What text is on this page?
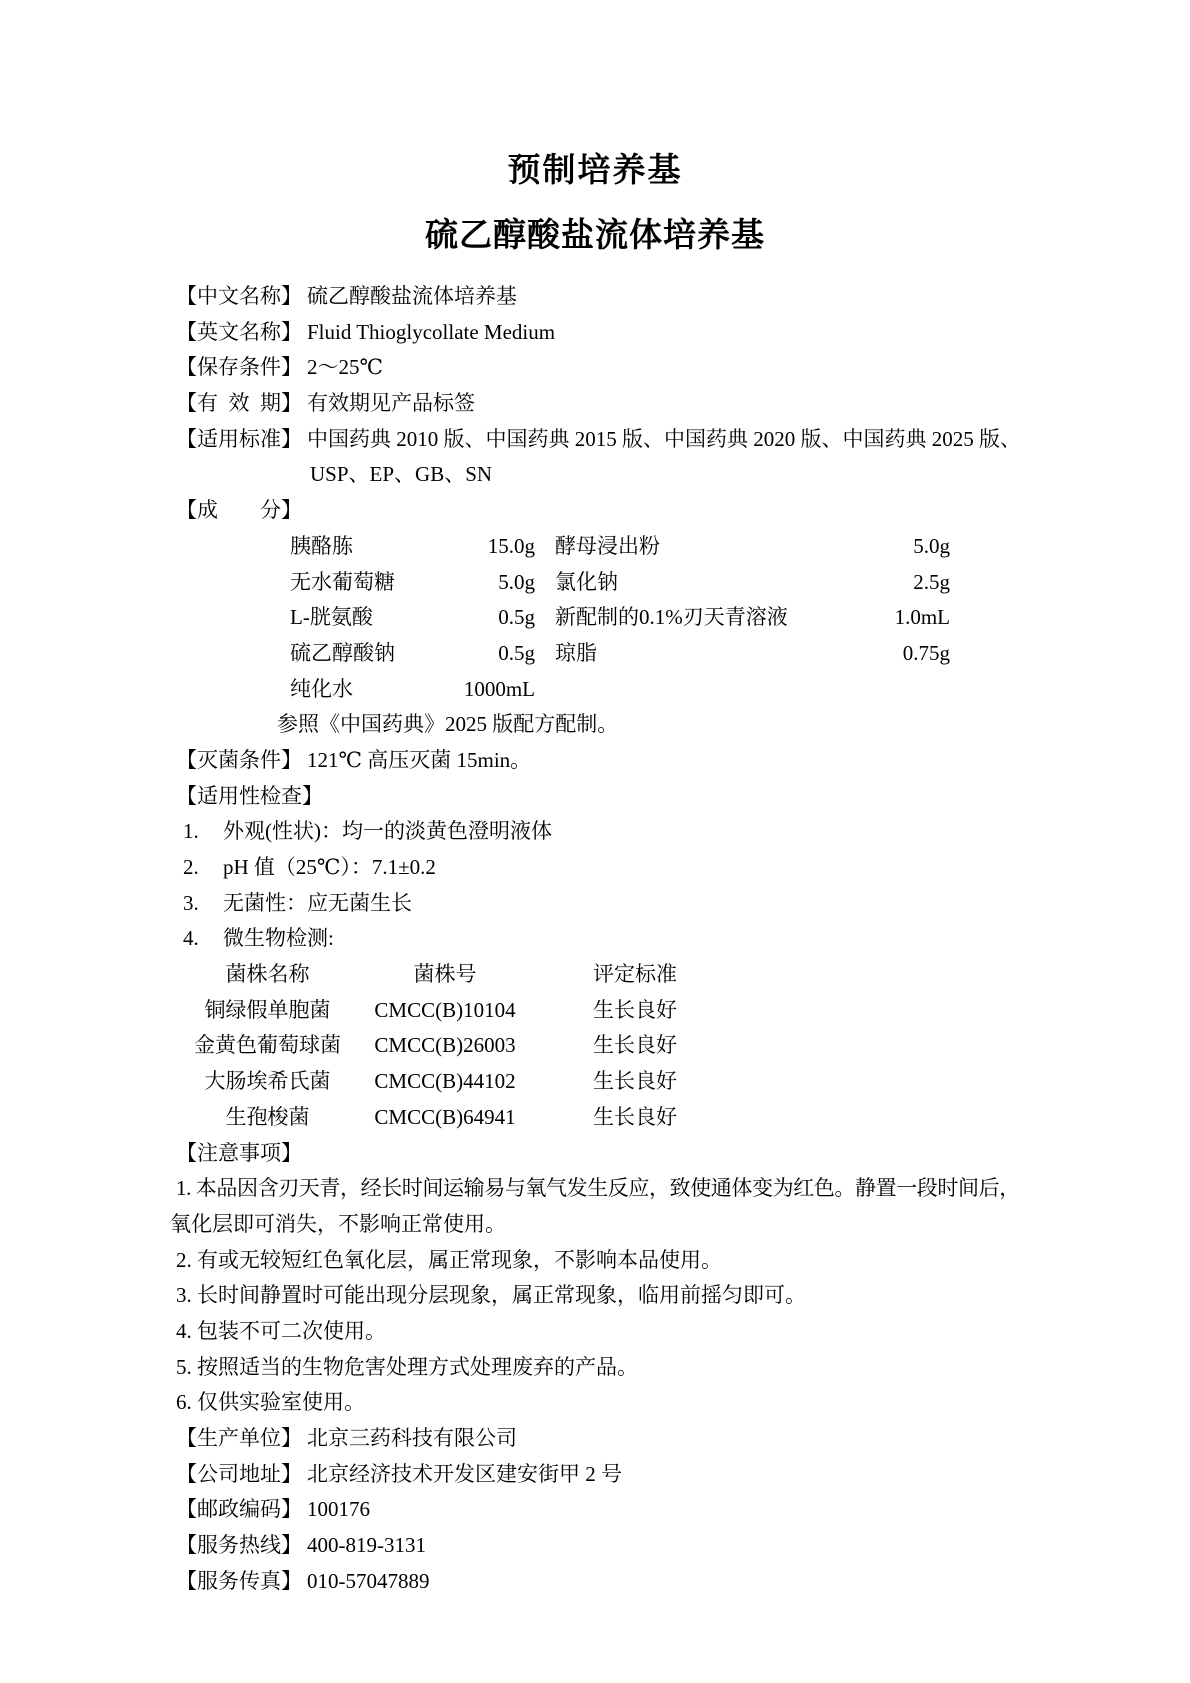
预制培养基
硫乙醇酸盐流体培养基
【中文名称】 硫乙醇酸盐流体培养基
【英文名称】 Fluid Thioglycollate Medium
【保存条件】 2～25℃
【有 效 期】 有效期见产品标签
【适用标准】 中国药典 2010 版、中国药典 2015 版、中国药典 2020 版、中国药典 2025 版、
USP、EP、GB、SN
【成　　分】
胰酪胨	15.0g 酵母浸出粉	5.0g
无水葡萄糖	5.0g 氯化钠	2.5g
L-胱氨酸	0.5g 新配制的0.1%刃天青溶液	1.0mL
硫乙醇酸钠	0.5g 琼脂	0.75g
纯化水	1000mL
参照《中国药典》2025 版配方配制。
【灭菌条件】 121℃ 高压灭菌 15min。
【适用性检查】
1.	外观(性状)：均一的淡黄色澄明液体
2.	pH 值（25℃）：7.1±0.2
3.	无菌性：应无菌生长
4.	微生物检测:
菌株名称	菌株号	评定标准
铜绿假单胞菌	CMCC(B)10104	生长良好
金黄色葡萄球菌	CMCC(B)26003	生长良好
大肠埃希氏菌	CMCC(B)44102	生长良好
生孢梭菌	CMCC(B)64941	生长良好
【注意事项】
1. 本品因含刃天青，经长时间运输易与氧气发生反应，致使通体变为红色。静置一段时间后，
氧化层即可消失，不影响正常使用。
2. 有或无较短红色氧化层，属正常现象，不影响本品使用。
3. 长时间静置时可能出现分层现象，属正常现象，临用前摇匀即可。
4. 包装不可二次使用。
5. 按照适当的生物危害处理方式处理废弃的产品。
6. 仅供实验室使用。
【生产单位】 北京三药科技有限公司
【公司地址】 北京经济技术开发区建安街甲 2 号
【邮政编码】 100176
【服务热线】 400-819-3131
【服务传真】 010-57047889
